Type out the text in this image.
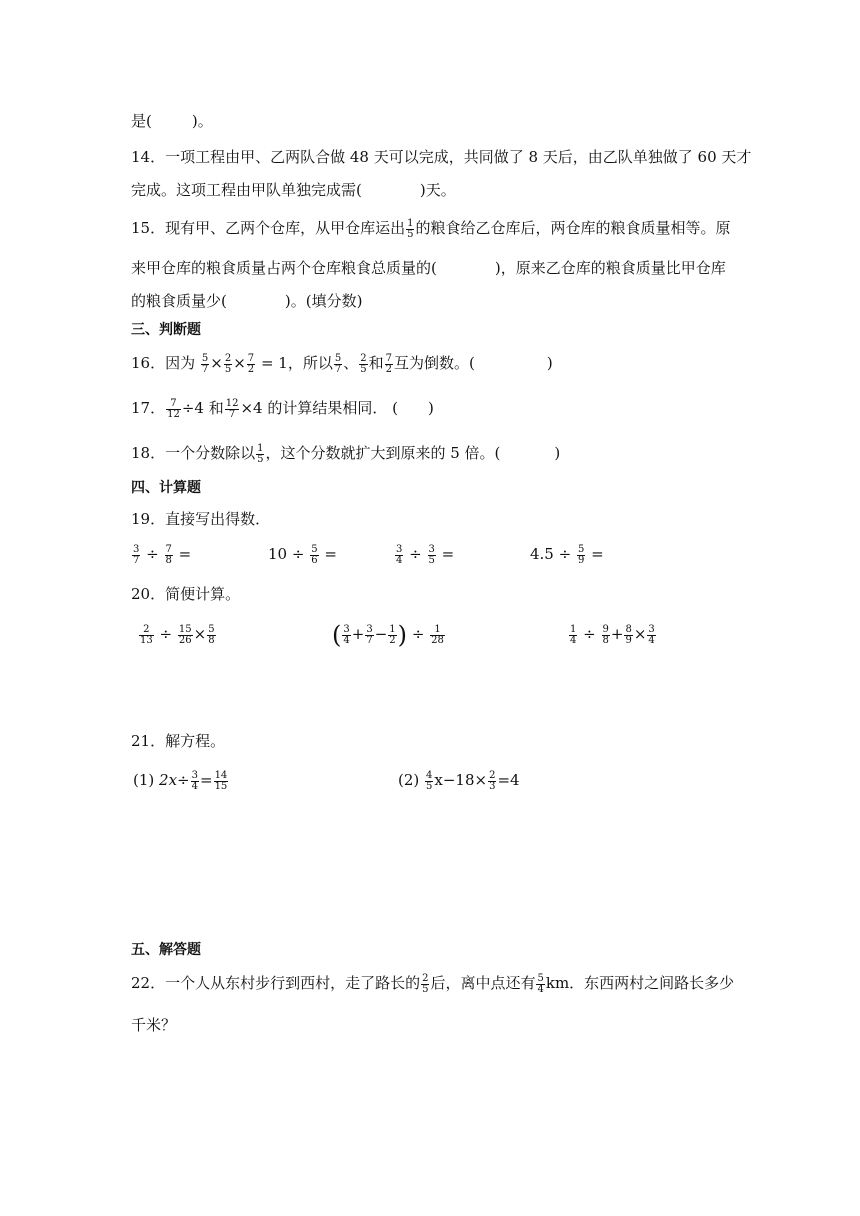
是(	)。
14．一项工程由甲、乙两队合做 48 天可以完成，共同做了 8 天后，由乙队单独做了 60 天才
完成。这项工程由甲队单独完成需(	)天。
15．现有甲、乙两个仓库，从甲仓库运出 $\frac{1}{5}$ 的粮食给乙仓库后，两仓库的粮食质量相等。原
来甲仓库的粮食质量占两个仓库粮食总质量的(	)，原来乙仓库的粮食质量比甲仓库
的粮食质量少(	)。(填分数)
三、判断题
16．因为 $\frac{5}{7} \times \frac{2}{5} \times \frac{7}{2} = 1$，所以 $\frac{5}{7}$ 、 $\frac{2}{5}$ 和 $\frac{7}{2}$ 互为倒数。(	)
17． $\frac{7}{12} \div 4$ 和 $\frac{12}{7} \times 4$ 的计算结果相同． ( )
18．一个分数除以 $\frac{1}{5}$ ，这个分数就扩大到原来的 5 倍。(	)
四、计算题
19．直接写出得数．
$\frac{3}{7} \div \frac{7}{8}$ =	$10 \div \frac{5}{6}$ =	$\frac{3}{4} \div \frac{3}{5}$ =	$4.5 \div \frac{5}{9}$ =
20．简便计算。
$\frac{2}{13} \div \frac{15}{26} \times \frac{5}{8}$	( $\frac{3}{4} + \frac{3}{7} - \frac{1}{2}$ ) ÷ $\frac{1}{28}$	$\frac{1}{4} \div \frac{9}{8} + \frac{8}{9} \times \frac{3}{4}$
21．解方程。
(1) $2x\div \frac{3}{4} = \frac{14}{15}$	$(2) \frac{4}{5} x-18\times \frac{2}{3} =4$
五、解答题
22．一个人从东村步行到西村，走了路长的 $\frac{2}{5}$ 后，离中点还有 $\frac{5}{4}$ km．东西两村之间路长多少
千米？
